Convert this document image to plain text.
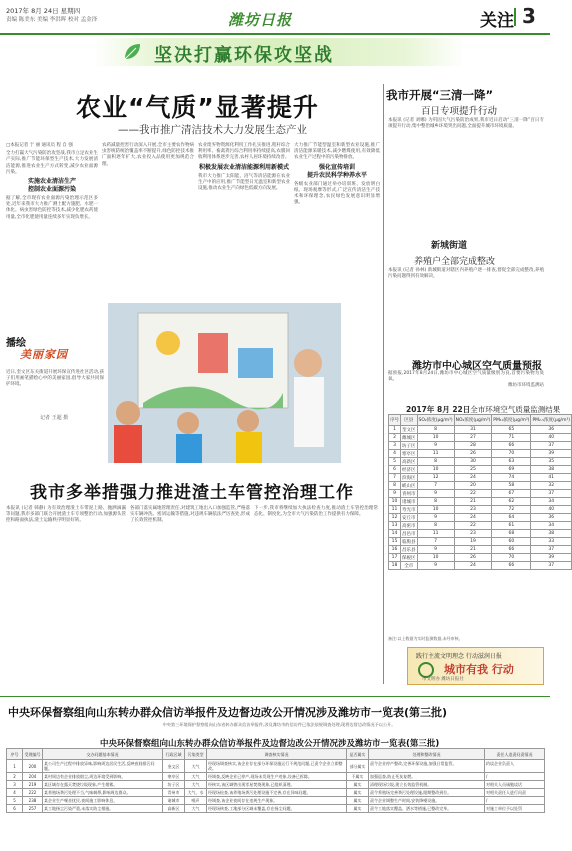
2017年 8月 24日 星期四
责编 陈美东 美编 李洪晖 校对 孟金泽	潍坊日报	关注 3
坚决打赢环保攻坚战
农业“气质”显著提升
——我市推广清洁技术大力发展生态产业
□本报记者 于 丽 通讯员 程 自 强
全力打赢大气污染防治攻坚战,我市立足农业生产实际,推广节能环保型生产技术,大力发展清洁能源,推进农业生产方式转变,减少农业面源污染。
实施农业清洁生产
控制农业面源污染
据了解,全市现有农业面源污染治理示范区多处,近年来我市大力推广测土配方施肥、水肥一体化、病虫害绿色防控等技术,减少化肥农药使用量,全市化肥使用量连续多年实现负增长。
农药减量控害行动深入开展,全市主要农作物病虫害统防统治覆盖率不断提升,绿色防控技术推广面积逐年扩大,农业投入品使用更加规范合理。
农业废弃物资源化利用工作扎实推进,秸秆综合利用率、畜禽粪污综合利用率持续提高,农膜回收利用体系逐步完善,农村人居环境持续改善。
积极发展农业清洁能源利用新模式
我市大力推广太阳能、沼气等清洁能源在农业生产中的应用,推广节能型日光温室和新型农业设施,推动农业生产向绿色低碳方向发展。
大力推广节能型温室和新型农业设施,推广清洁能源采暖技术,减少燃煤使用,有效降低农业生产过程中的污染物排放。
强化宣传培训
提升农民科学种养水平
各级农业部门通过举办培训班、发放明白纸、现场观摩等形式,广泛宣传清洁生产技术和环保理念,农民绿色发展意识明显增强。
我市开展“三清一降”
百日专项提升行动
本报讯 (记者 刘娜) 为巩固大气污染防治成果,我市近日启动“三清一降”百日专项提升行动,集中整治城乡环境突出问题,全面提升城市环境质量。
新城街道
养殖户全部完成整改
本报讯 (记者 孙林) 新城街道对辖区内养殖户逐一排查,督促全部完成整改,养殖污染问题得到有效解决。
潍坊市中心城区空气质量预报
据预报,2017年8月24日,潍坊市中心城区空气质量级别为良,首要污染物为臭氧。
潍坊市环境监测站
2017年 8月 22日全市环境空气质量监测结果
序号	区县	SO₂浓度(μg/m³)	NO₂浓度(μg/m³)	PM₁₀浓度(μg/m³)	PM₂.₅浓度(μg/m³)
1	奎文区	8	31	65	36
2	潍城区	10	27	71	40
3	坊子区	9	28	66	37
4	寒亭区	11	26	70	39
5	高新区	8	30	63	35
6	经济区	10	25	69	38
7	滨海区	12	24	74	41
8	峡山区	7	20	58	32
9	青州市	9	22	67	37
10	诸城市	8	21	62	34
11	寿光市	10	23	72	40
12	安丘市	9	24	64	36
13	高密市	8	22	61	34
14	昌邑市	11	23	68	38
15	临朐县	7	19	60	33
16	昌乐县	9	21	66	37
17	保税区	10	26	70	39
18	全市	9	24	66	37
备注:以上数据为实时监测数据,未经审核。
践行主流文明理念 行动滋润日报
城市有我 行动
市文明办 潍坊日报社
播绘
美丽家园
近日,奎文区东关街道开展环保宣传进社区活动,孩子们用画笔描绘心中的美丽家园,倡导大家共同保护环境。
记者 王超 摄
我市多举措强力推进渣土车管控治理工作
本报讯 (记者 韩静) 为有效治理渣土车带泥上路、抛洒滴漏等问题,我市多部门联合开展渣土车专项整治行动,加强源头管控和路面执法,渣土运输秩序明显好转。
各部门落实属地管理责任,对建筑工地出入口加强监管,严格落实车辆冲洗、密闭运输等措施,对违规车辆依法严厉查处,形成了长效管控机制。
下一步,我市将继续加大执法检查力度,推动渣土车管控治理常态化、制度化,为全市大气污染防治工作提供有力保障。
中央环保督察组向山东转办群众信访举报件及边督边改公开情况涉及潍坊市一览表(第三批)
中央第三环境保护督察组向山东省转办群众信访举报件,涉及潍坊市的信访件已依法依规调查处理,现将边督边改情况予以公开。
中央环保督察组向山东转办群众信访举报件及边督边改公开情况涉及潍坊市一览表(第三批)
序号	受理编号	交办问题基本情况	行政区域	污染类型	调查核实情况	是否属实	处理和整改情况	责任人追责问责情况
1	200	某公司生产过程中排放异味,影响周边居民生活,反映夜间排污问题。	奎文区	大气	经现场调查核实,该企业存在部分环保设施运行不规范问题,已责令企业立即整改。	部分属实	责令企业停产整改,完善环保设施,加强日常监管。	约谈企业负责人
2	204	某村周边有企业排放烟尘,周边环境受到影响。	寒亭区	大气	经调查,反映企业已停产,现场未发现生产迹象,设备已拆除。	不属实	加强巡查,防止死灰复燃。	/
3	219	某区域存在露天焚烧垃圾现象,产生烟雾。	坊子区	大气	经核实,该区域曾出现零星焚烧现象,已组织清理。	属实	清理现场垃圾,建立长效监管机制。	对相关人员诫勉谈话
4	222	某养殖场粪污处理不当,气味刺鼻,影响周边群众。	青州市	大气、水	经现场检查,该养殖场粪污处理设施不完善,存在异味问题。	属实	责令养殖场完善粪污处理设施,限期整改到位。	对相关责任人进行问责
5	238	某企业生产噪音扰民,夜间施工影响休息。	诸城市	噪声	经调查,该企业夜间存在违规生产现象。	属实	责令企业调整生产时间,安装降噪设施。	/
6	257	某工地扬尘污染严重,未落实防尘措施。	高新区	大气	经现场核查,工地部分区域未覆盖,存在扬尘问题。	属实	责令工地落实覆盖、洒水等措施,已整改完毕。	对施工单位予以处罚
